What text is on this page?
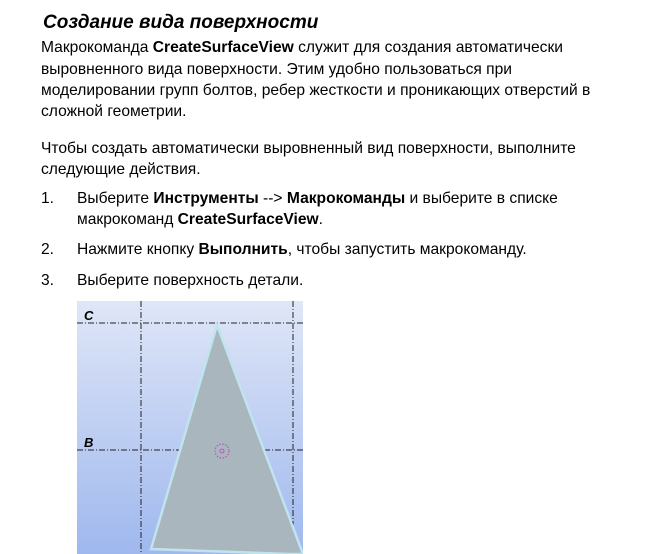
Создание вида поверхности
Макрокоманда CreateSurfaceView служит для создания автоматически
выровненного вида поверхности. Этим удобно пользоваться при
моделировании групп болтов, ребер жесткости и проникающих отверстий в
сложной геометрии.
Чтобы создать автоматически выровненный вид поверхности, выполните
следующие действия.
1. Выберите Инструменты --> Макрокоманды и выберите в списке
макрокоманд CreateSurfaceView.
2. Нажмите кнопку Выполнить, чтобы запустить макрокоманду.
3. Выберите поверхность детали.
C
B
